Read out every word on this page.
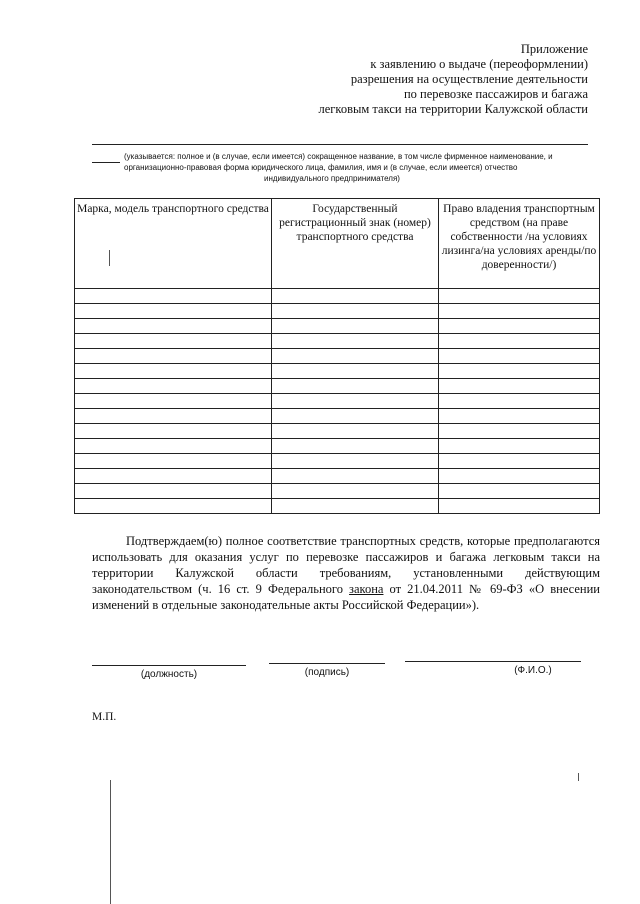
Приложение
к заявлению о выдаче (переоформлении)
разрешения на осуществление деятельности
по перевозке пассажиров и багажа
легковым такси на территории Калужской области
(указывается: полное и (в случае, если имеется) сокращенное название, в том числе фирменное наименование, и
организационно-правовая форма юридического лица, фамилия, имя и (в случае, если имеется) отчество
индивидуального предпринимателя)
Марка, модель транспортного средства	Государственный регистрационный знак (номер) транспортного средства	Право владения транспортным средством (на праве собственности /на условиях лизинга/на условиях аренды/по доверенности/)

Подтверждаем(ю) полное соответствие транспортных средств, которые предполагаются использовать для оказания услуг по перевозке пассажиров и багажа легковым такси на территории Калужской области требованиям, установленными действующим законодательством (ч. 16 ст. 9 Федерального закона от 21.04.2011 № 69-ФЗ «О внесении изменений в отдельные законодательные акты Российской Федерации»).
(должность)	(подпись)	(Ф.И.О.)
М.П.
